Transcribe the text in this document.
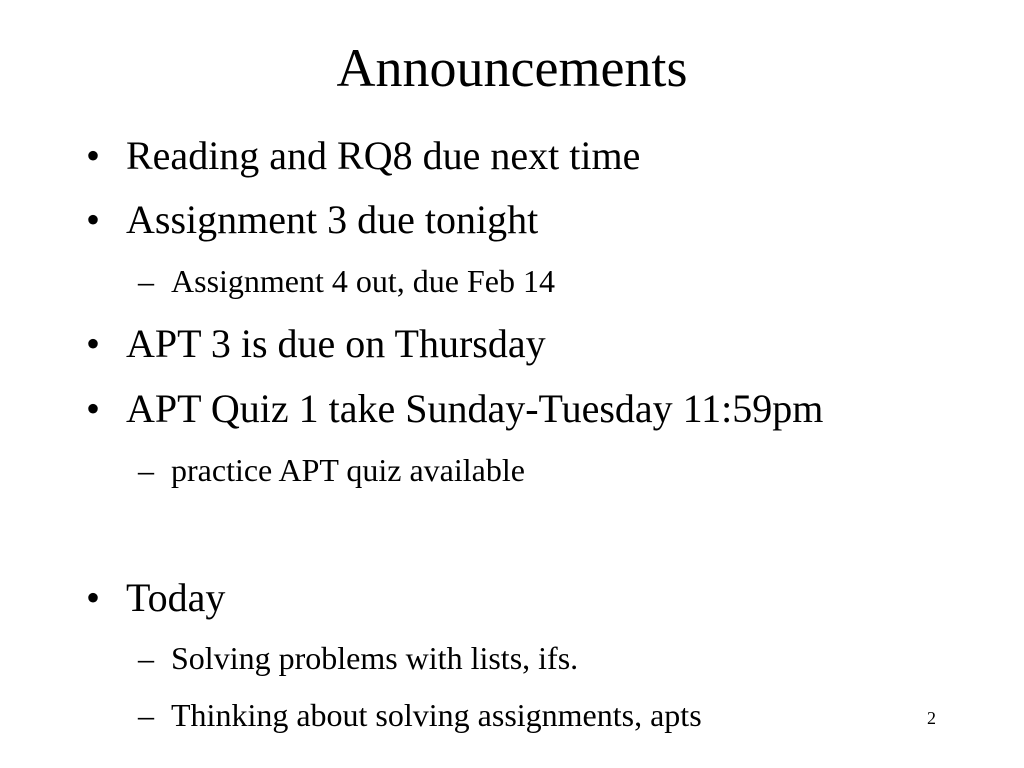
Announcements
• Reading and RQ8 due next time
• Assignment 3 due tonight
– Assignment 4 out, due Feb 14
• APT 3 is due on Thursday
• APT Quiz 1 take Sunday-Tuesday 11:59pm
– practice APT quiz available
• Today
– Solving problems with lists, ifs.
– Thinking about solving assignments, apts	2
